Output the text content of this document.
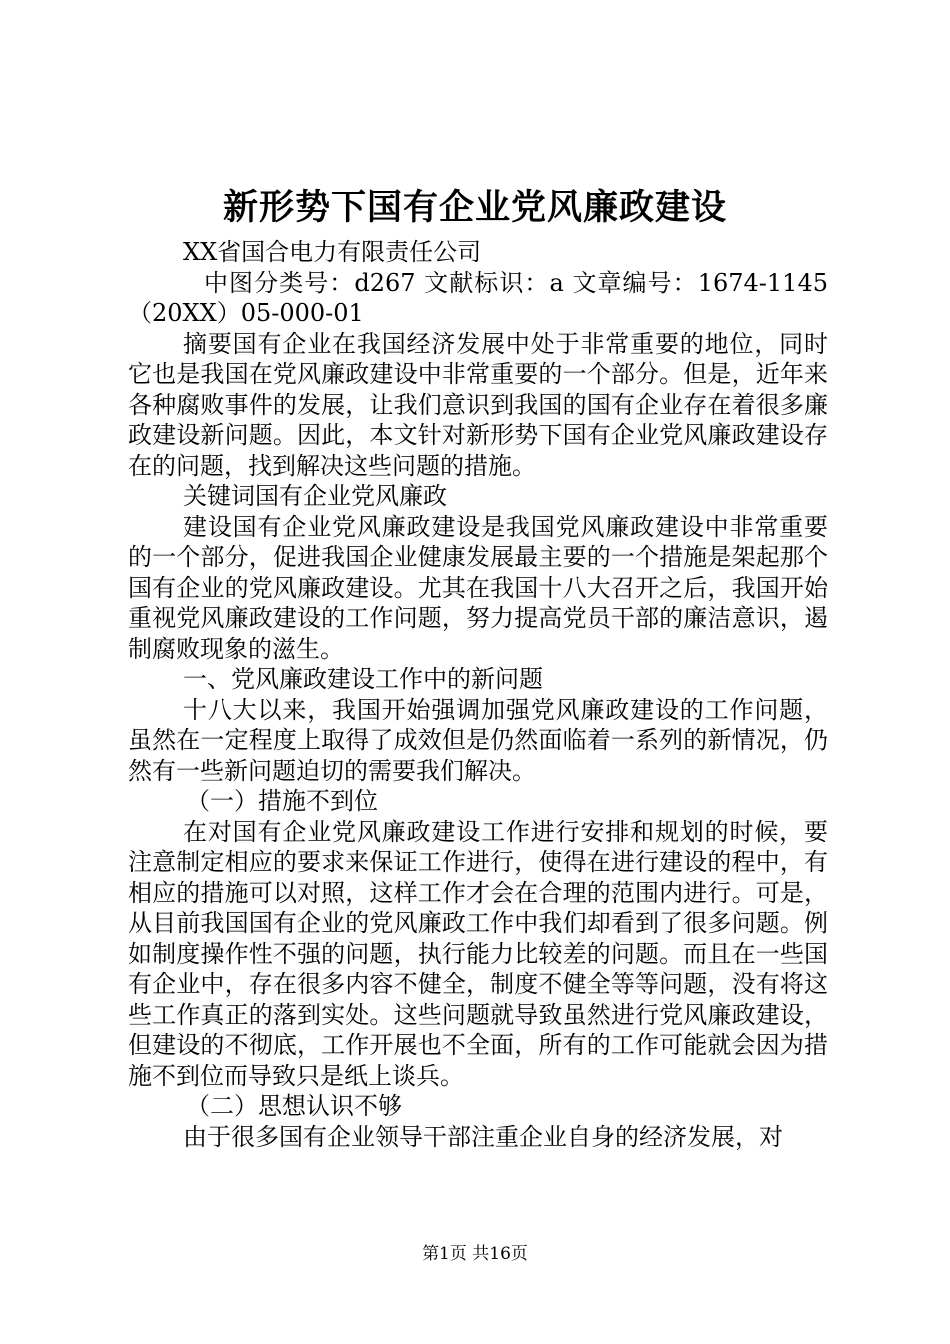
新形势下国有企业党风廉政建设

XX省国合电力有限责任公司

中图分类号：d267 文献标识：a 文章编号：1674-1145（20XX）05-000-01

摘要国有企业在我国经济发展中处于非常重要的地位，同时它也是我国在党风廉政建设中非常重要的一个部分。但是，近年来各种腐败事件的发展，让我们意识到我国的国有企业存在着很多廉政建设新问题。因此，本文针对新形势下国有企业党风廉政建设存在的问题，找到解决这些问题的措施。

关键词国有企业党风廉政

建设国有企业党风廉政建设是我国党风廉政建设中非常重要的一个部分，促进我国企业健康发展最主要的一个措施是架起那个国有企业的党风廉政建设。尤其在我国十八大召开之后，我国开始重视党风廉政建设的工作问题，努力提高党员干部的廉洁意识，遏制腐败现象的滋生。

一、党风廉政建设工作中的新问题

十八大以来，我国开始强调加强党风廉政建设的工作问题，虽然在一定程度上取得了成效但是仍然面临着一系列的新情况，仍然有一些新问题迫切的需要我们解决。

（一）措施不到位

在对国有企业党风廉政建设工作进行安排和规划的时候，要注意制定相应的要求来保证工作进行，使得在进行建设的程中，有相应的措施可以对照，这样工作才会在合理的范围内进行。可是，从目前我国国有企业的党风廉政工作中我们却看到了很多问题。例如制度操作性不强的问题，执行能力比较差的问题。而且在一些国有企业中，存在很多内容不健全，制度不健全等等问题，没有将这些工作真正的落到实处。这些问题就导致虽然进行党风廉政建设，但建设的不彻底，工作开展也不全面，所有的工作可能就会因为措施不到位而导致只是纸上谈兵。

（二）思想认识不够

由于很多国有企业领导干部注重企业自身的经济发展，对

第1页 共16页
